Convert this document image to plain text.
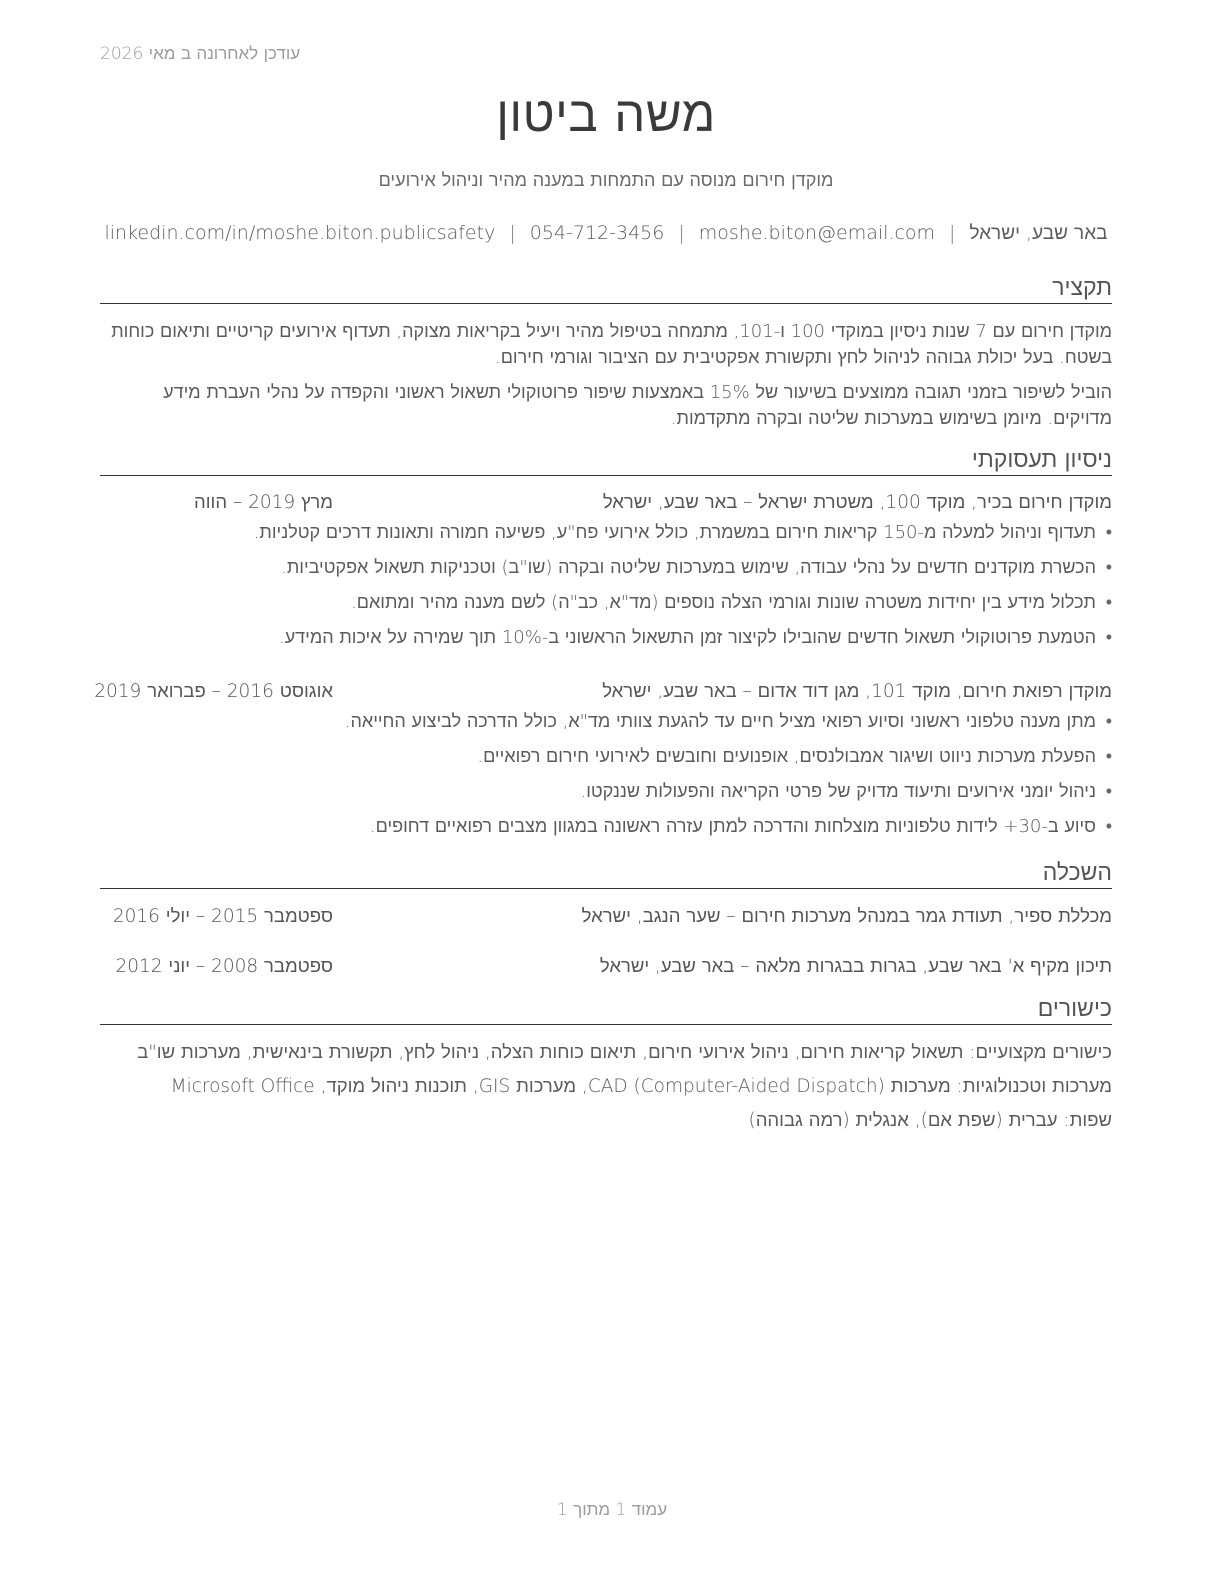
עודכן לאחרונה ב מאי 2026
משה ביטון
מוקדן חירום מנוסה עם התמחות במענה מהיר וניהול אירועים
באר שבע, ישראל|moshe.biton@email.com|054-712-3456|linkedin.com/in/moshe.biton.publicsafety
תקציר
מוקדן חירום עם 7 שנות ניסיון במוקדי 100 ו-101, מתמחה בטיפול מהיר ויעיל בקריאות מצוקה, תעדוף אירועים קריטיים ותיאום כוחות בשטח. בעל יכולת גבוהה לניהול לחץ ותקשורת אפקטיבית עם הציבור וגורמי חירום.
הוביל לשיפור בזמני תגובה ממוצעים בשיעור של 15% באמצעות שיפור פרוטוקולי תשאול ראשוני והקפדה על נהלי העברת מידע מדויקים. מיומן בשימוש במערכות שליטה ובקרה מתקדמות.
ניסיון תעסוקתי
מוקדן חירום בכיר, מוקד 100, משטרת ישראל – באר שבע, ישראל
מרץ 2019 – הווה
• תעדוף וניהול למעלה מ-150 קריאות חירום במשמרת, כולל אירועי פח"ע, פשיעה חמורה ותאונות דרכים קטלניות.
• הכשרת מוקדנים חדשים על נהלי עבודה, שימוש במערכות שליטה ובקרה (שו"ב) וטכניקות תשאול אפקטיביות.
• תכלול מידע בין יחידות משטרה שונות וגורמי הצלה נוספים (מד"א, כב"ה) לשם מענה מהיר ומתואם.
• הטמעת פרוטוקולי תשאול חדשים שהובילו לקיצור זמן התשאול הראשוני ב-10% תוך שמירה על איכות המידע.
מוקדן רפואת חירום, מוקד 101, מגן דוד אדום – באר שבע, ישראל
אוגוסט 2016 – פברואר 2019
• מתן מענה טלפוני ראשוני וסיוע רפואי מציל חיים עד להגעת צוותי מד"א, כולל הדרכה לביצוע החייאה.
• הפעלת מערכות ניווט ושיגור אמבולנסים, אופנועים וחובשים לאירועי חירום רפואיים.
• ניהול יומני אירועים ותיעוד מדויק של פרטי הקריאה והפעולות שננקטו.
• סיוע ב-30+ לידות טלפוניות מוצלחות והדרכה למתן עזרה ראשונה במגוון מצבים רפואיים דחופים.
השכלה
מכללת ספיר, תעודת גמר במנהל מערכות חירום – שער הנגב, ישראל
ספטמבר 2015 – יולי 2016
תיכון מקיף א' באר שבע, בגרות בבגרות מלאה – באר שבע, ישראל
ספטמבר 2008 – יוני 2012
כישורים
כישורים מקצועיים: תשאול קריאות חירום, ניהול אירועי חירום, תיאום כוחות הצלה, ניהול לחץ, תקשורת בינאישית, מערכות שו"ב
מערכות וטכנולוגיות: מערכות CAD (Computer-Aided Dispatch), מערכות GIS, תוכנות ניהול מוקד, Microsoft Office
שפות: עברית (שפת אם), אנגלית (רמה גבוהה)
עמוד 1 מתוך 1
